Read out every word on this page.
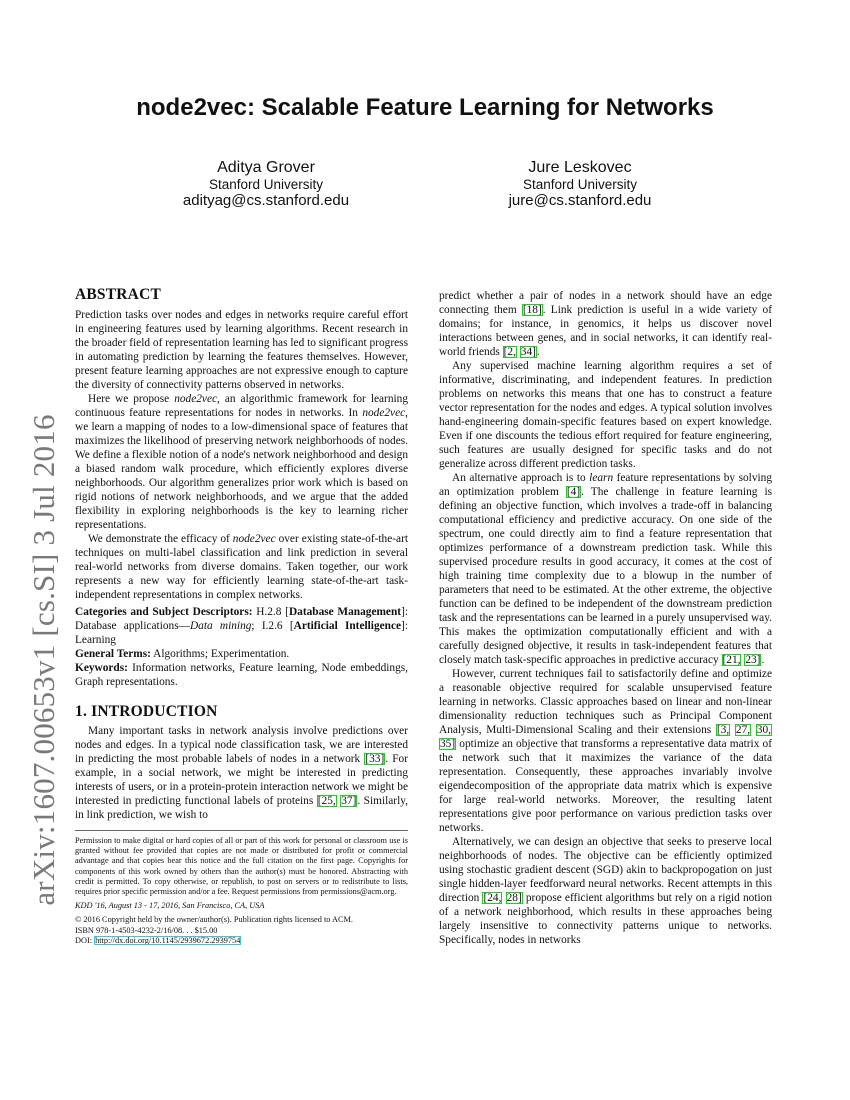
arXiv:1607.00653v1 [cs.SI] 3 Jul 2016
node2vec: Scalable Feature Learning for Networks
Aditya Grover
Stanford University
adityag@cs.stanford.edu
Jure Leskovec
Stanford University
jure@cs.stanford.edu
ABSTRACT

Prediction tasks over nodes and edges in networks require careful effort in engineering features used by learning algorithms. Recent research in the broader field of representation learning has led to significant progress in automating prediction by learning the features themselves. However, present feature learning approaches are not expressive enough to capture the diversity of connectivity patterns observed in networks.

Here we propose node2vec, an algorithmic framework for learning continuous feature representations for nodes in networks. In node2vec, we learn a mapping of nodes to a low-dimensional space of features that maximizes the likelihood of preserving network neighborhoods of nodes. We define a flexible notion of a node's network neighborhood and design a biased random walk procedure, which efficiently explores diverse neighborhoods. Our algorithm generalizes prior work which is based on rigid notions of network neighborhoods, and we argue that the added flexibility in exploring neighborhoods is the key to learning richer representations.

We demonstrate the efficacy of node2vec over existing state-of-the-art techniques on multi-label classification and link prediction in several real-world networks from diverse domains. Taken together, our work represents a new way for efficiently learning state-of-the-art task-independent representations in complex networks.

Categories and Subject Descriptors: H.2.8 [Database Management]: Database applications—Data mining; I.2.6 [Artificial Intelligence]: Learning

General Terms: Algorithms; Experimentation.

Keywords: Information networks, Feature learning, Node embeddings, Graph representations.

1. INTRODUCTION

Many important tasks in network analysis involve predictions over nodes and edges. In a typical node classification task, we are interested in predicting the most probable labels of nodes in a network [33]. For example, in a social network, we might be interested in predicting interests of users, or in a protein-protein interaction network we might be interested in predicting functional labels of proteins [25, 37]. Similarly, in link prediction, we wish to

Permission to make digital or hard copies of all or part of this work for personal or classroom use is granted without fee provided that copies are not made or distributed for profit or commercial advantage and that copies bear this notice and the full citation on the first page. Copyrights for components of this work owned by others than the author(s) must be honored. Abstracting with credit is permitted. To copy otherwise, or republish, to post on servers or to redistribute to lists, requires prior specific permission and/or a fee. Request permissions from permissions@acm.org.
KDD '16, August 13 - 17, 2016, San Francisco, CA, USA
© 2016 Copyright held by the owner/author(s). Publication rights licensed to ACM.
ISBN 978-1-4503-4232-2/16/08. . . $15.00
DOI: http://dx.doi.org/10.1145/2939672.2939754

predict whether a pair of nodes in a network should have an edge connecting them [18]. Link prediction is useful in a wide variety of domains; for instance, in genomics, it helps us discover novel interactions between genes, and in social networks, it can identify real-world friends [2, 34].

Any supervised machine learning algorithm requires a set of informative, discriminating, and independent features. In prediction problems on networks this means that one has to construct a feature vector representation for the nodes and edges. A typical solution involves hand-engineering domain-specific features based on expert knowledge. Even if one discounts the tedious effort required for feature engineering, such features are usually designed for specific tasks and do not generalize across different prediction tasks.

An alternative approach is to learn feature representations by solving an optimization problem [4]. The challenge in feature learning is defining an objective function, which involves a trade-off in balancing computational efficiency and predictive accuracy. On one side of the spectrum, one could directly aim to find a feature representation that optimizes performance of a downstream prediction task. While this supervised procedure results in good accuracy, it comes at the cost of high training time complexity due to a blowup in the number of parameters that need to be estimated. At the other extreme, the objective function can be defined to be independent of the downstream prediction task and the representations can be learned in a purely unsupervised way. This makes the optimization computationally efficient and with a carefully designed objective, it results in task-independent features that closely match task-specific approaches in predictive accuracy [21, 23].

However, current techniques fail to satisfactorily define and optimize a reasonable objective required for scalable unsupervised feature learning in networks. Classic approaches based on linear and non-linear dimensionality reduction techniques such as Principal Component Analysis, Multi-Dimensional Scaling and their extensions [3, 27, 30, 35] optimize an objective that transforms a representative data matrix of the network such that it maximizes the variance of the data representation. Consequently, these approaches invariably involve eigendecomposition of the appropriate data matrix which is expensive for large real-world networks. Moreover, the resulting latent representations give poor performance on various prediction tasks over networks.

Alternatively, we can design an objective that seeks to preserve local neighborhoods of nodes. The objective can be efficiently optimized using stochastic gradient descent (SGD) akin to backpropogation on just single hidden-layer feedforward neural networks. Recent attempts in this direction [24, 28] propose efficient algorithms but rely on a rigid notion of a network neighborhood, which results in these approaches being largely insensitive to connectivity patterns unique to networks. Specifically, nodes in networks
